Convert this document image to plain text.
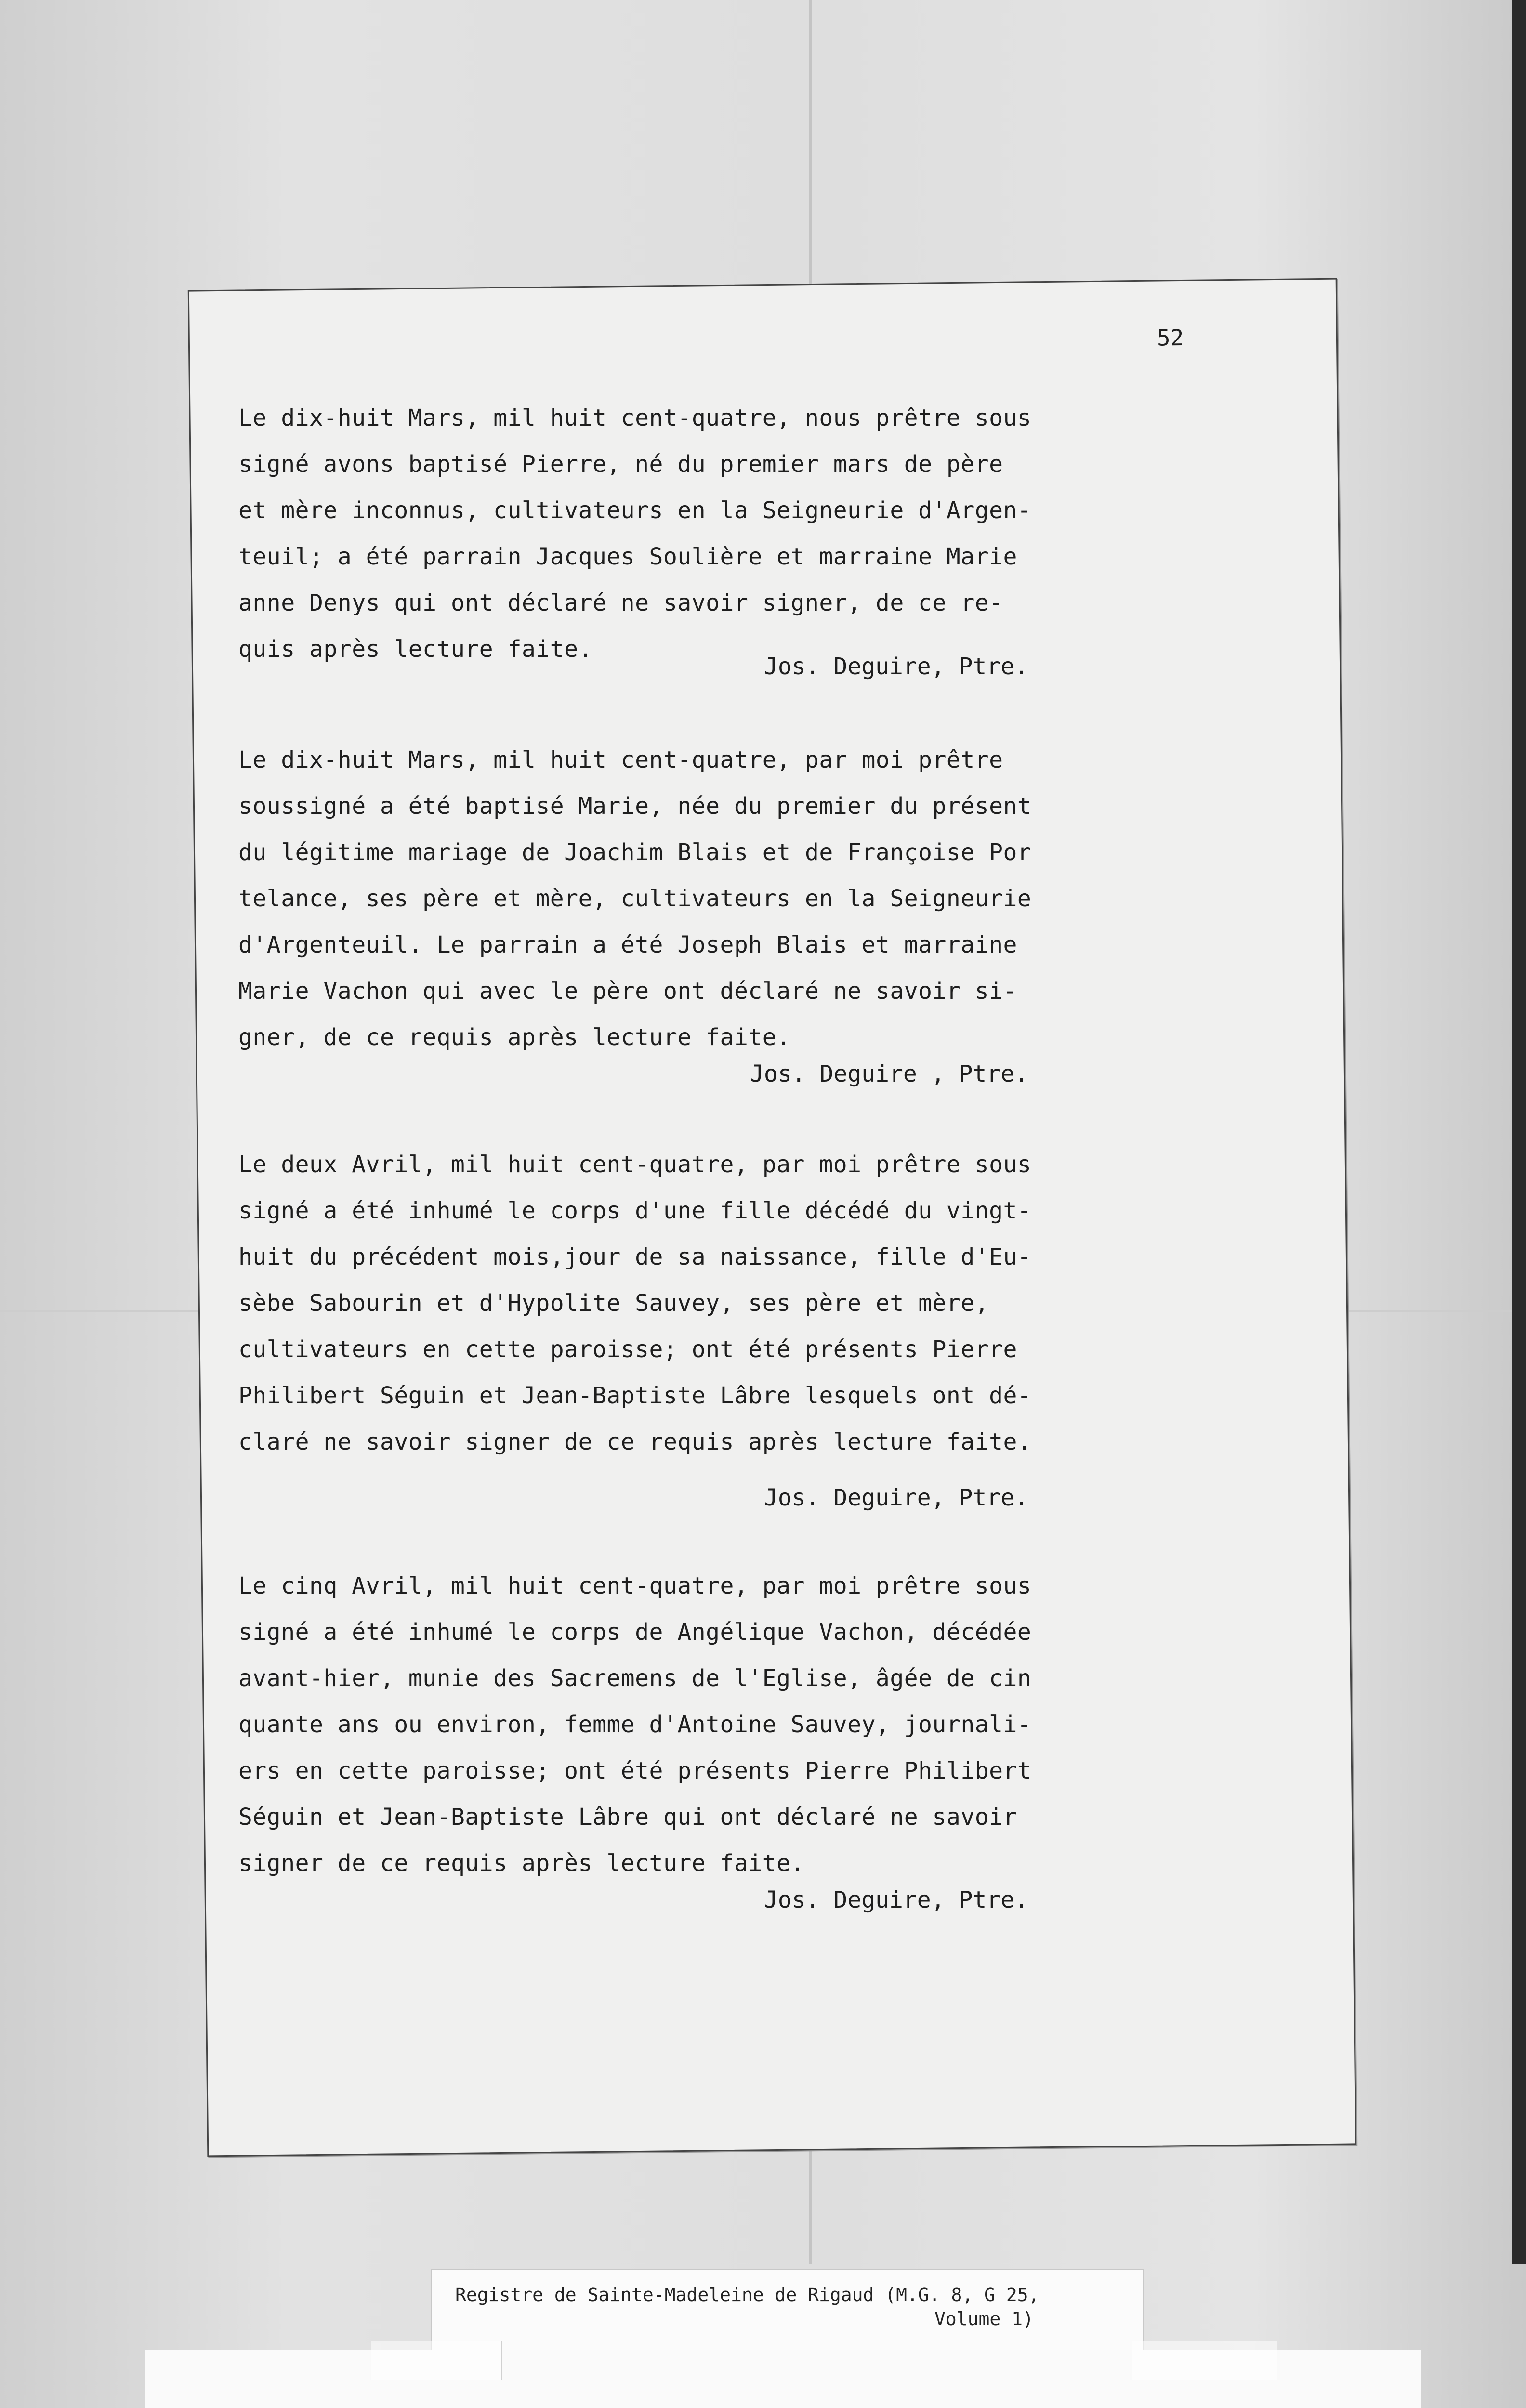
52
Le dix-huit Mars, mil huit cent-quatre, nous prêtre sous
signé avons baptisé Pierre, né du premier mars de père
et mère inconnus, cultivateurs en la Seigneurie d'Argen-
teuil; a été parrain Jacques Soulière et marraine Marie
anne Denys qui ont déclaré ne savoir signer, de ce re-
quis après lecture faite.
Jos. Deguire, Ptre.
Le dix-huit Mars, mil huit cent-quatre, par moi prêtre
soussigné a été baptisé Marie, née du premier du présent
du légitime mariage de Joachim Blais et de Françoise Por
telance, ses père et mère, cultivateurs en la Seigneurie
d'Argenteuil. Le parrain a été Joseph Blais et marraine
Marie Vachon qui avec le père ont déclaré ne savoir si-
gner, de ce requis après lecture faite.
Jos. Deguire , Ptre.
Le deux Avril, mil huit cent-quatre, par moi prêtre sous
signé a été inhumé le corps d'une fille décédé du vingt-
huit du précédent mois,jour de sa naissance, fille d'Eu-
sèbe Sabourin et d'Hypolite Sauvey, ses père et mère,
cultivateurs en cette paroisse; ont été présents Pierre
Philibert Séguin et Jean-Baptiste Lâbre lesquels ont dé-
claré ne savoir signer de ce requis après lecture faite.
Jos. Deguire, Ptre.
Le cinq Avril, mil huit cent-quatre, par moi prêtre sous
signé a été inhumé le corps de Angélique Vachon, décédée
avant-hier, munie des Sacremens de l'Eglise, âgée de cin
quante ans ou environ, femme d'Antoine Sauvey, journali-
ers en cette paroisse; ont été présents Pierre Philibert
Séguin et Jean-Baptiste Lâbre qui ont déclaré ne savoir
signer de ce requis après lecture faite.
Jos. Deguire, Ptre.
Registre de Sainte-Madeleine de Rigaud (M.G. 8, G 25,
Volume 1)
